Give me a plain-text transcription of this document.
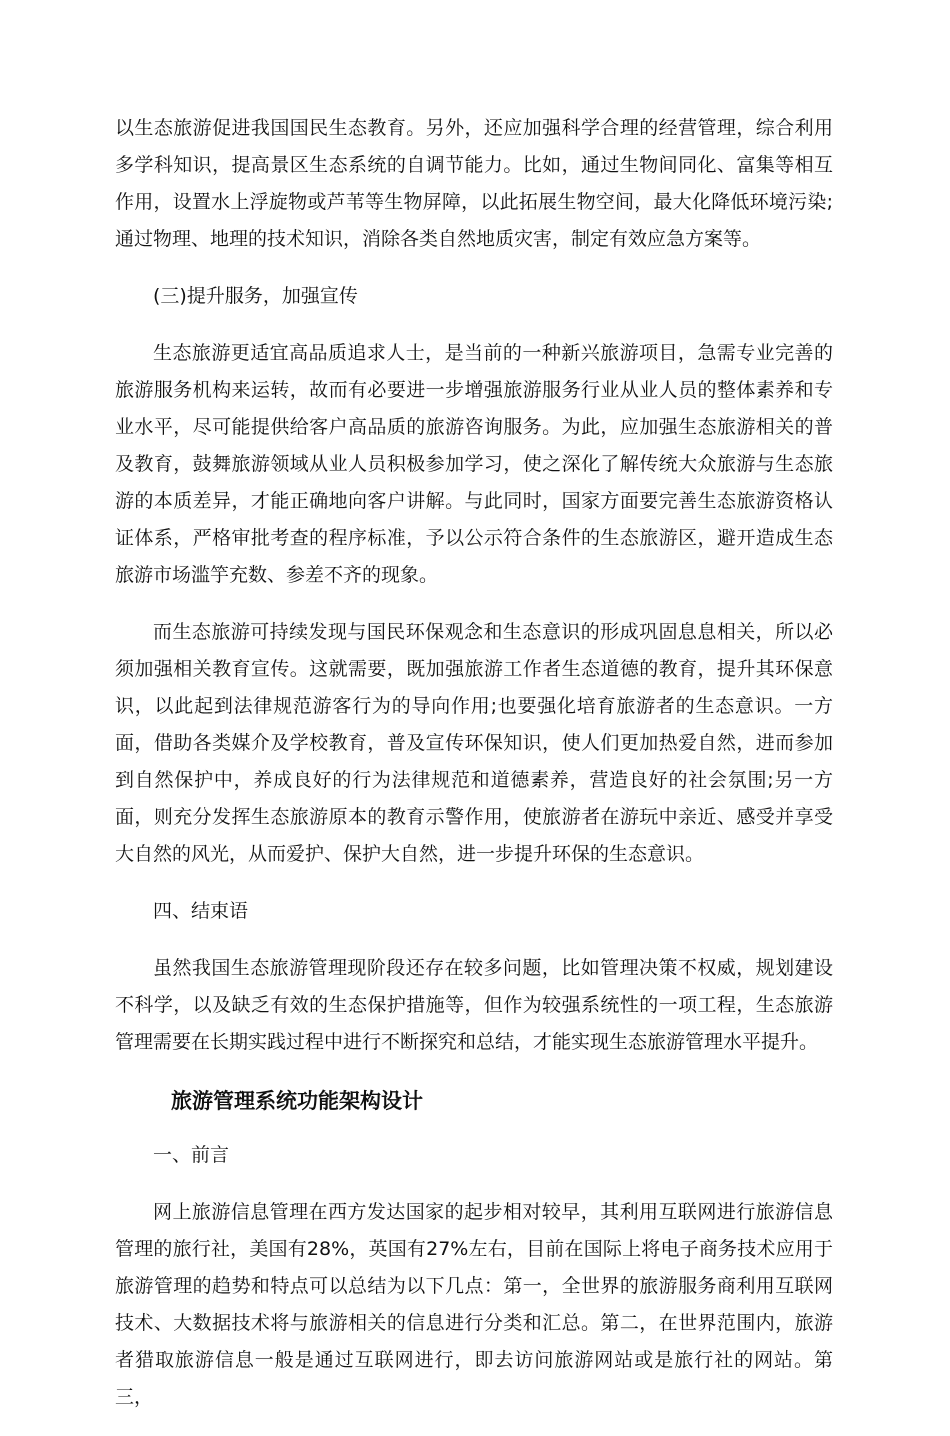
以生态旅游促进我国国民生态教育。另外，还应加强科学合理的经营管理，综合利用多学科知识，提高景区生态系统的自调节能力。比如，通过生物间同化、富集等相互作用，设置水上浮旋物或芦苇等生物屏障，以此拓展生物空间，最大化降低环境污染;通过物理、地理的技术知识，消除各类自然地质灾害，制定有效应急方案等。

(三)提升服务，加强宣传

生态旅游更适宜高品质追求人士，是当前的一种新兴旅游项目，急需专业完善的旅游服务机构来运转，故而有必要进一步增强旅游服务行业从业人员的整体素养和专业水平，尽可能提供给客户高品质的旅游咨询服务。为此，应加强生态旅游相关的普及教育，鼓舞旅游领域从业人员积极参加学习，使之深化了解传统大众旅游与生态旅游的本质差异，才能正确地向客户讲解。与此同时，国家方面要完善生态旅游资格认证体系，严格审批考查的程序标准，予以公示符合条件的生态旅游区，避开造成生态旅游市场滥竽充数、参差不齐的现象。

而生态旅游可持续发现与国民环保观念和生态意识的形成巩固息息相关，所以必须加强相关教育宣传。这就需要，既加强旅游工作者生态道德的教育，提升其环保意识，以此起到法律规范游客行为的导向作用;也要强化培育旅游者的生态意识。一方面，借助各类媒介及学校教育，普及宣传环保知识，使人们更加热爱自然，进而参加到自然保护中，养成良好的行为法律规范和道德素养，营造良好的社会氛围;另一方面，则充分发挥生态旅游原本的教育示警作用，使旅游者在游玩中亲近、感受并享受大自然的风光，从而爱护、保护大自然，进一步提升环保的生态意识。

四、结束语

虽然我国生态旅游管理现阶段还存在较多问题，比如管理决策不权威，规划建设不科学，以及缺乏有效的生态保护措施等，但作为较强系统性的一项工程，生态旅游管理需要在长期实践过程中进行不断探究和总结，才能实现生态旅游管理水平提升。

旅游管理系统功能架构设计

一、前言

网上旅游信息管理在西方发达国家的起步相对较早，其利用互联网进行旅游信息管理的旅行社，美国有28%，英国有27%左右，目前在国际上将电子商务技术应用于旅游管理的趋势和特点可以总结为以下几点：第一，全世界的旅游服务商利用互联网技术、大数据技术将与旅游相关的信息进行分类和汇总。第二，在世界范围内，旅游者猎取旅游信息一般是通过互联网进行，即去访问旅游网站或是旅行社的网站。第三，
